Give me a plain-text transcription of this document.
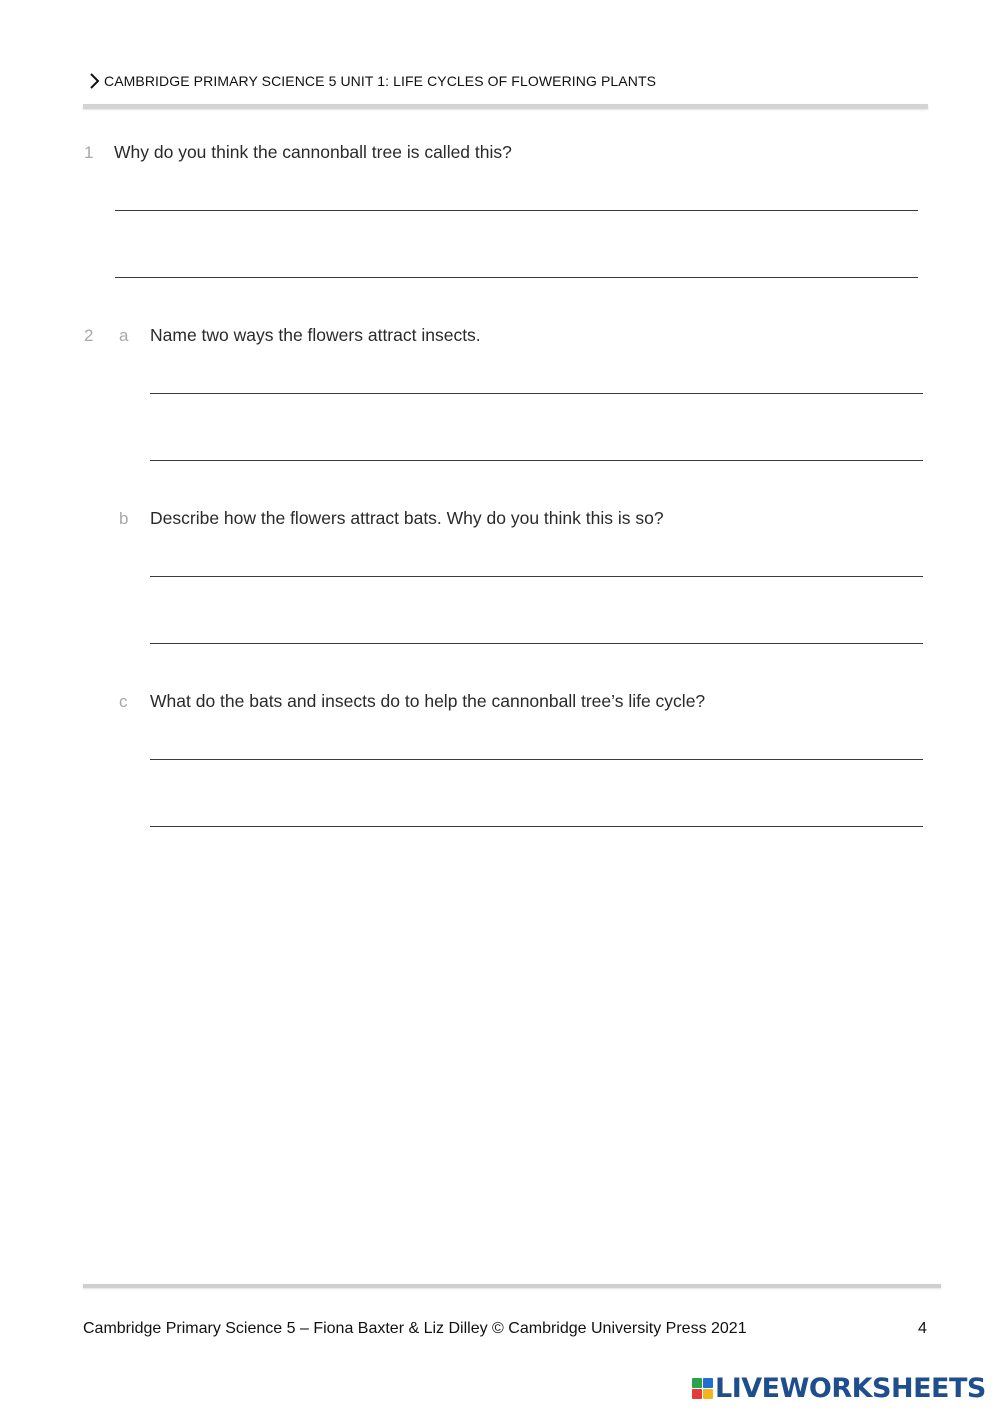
CAMBRIDGE PRIMARY SCIENCE 5 UNIT 1: LIFE CYCLES OF FLOWERING PLANTS
1 Why do you think the cannonball tree is called this?
2 a Name two ways the flowers attract insects.
b Describe how the flowers attract bats. Why do you think this is so?
c What do the bats and insects do to help the cannonball tree’s life cycle?
Cambridge Primary Science 5 – Fiona Baxter & Liz Dilley © Cambridge University Press 2021	4
LIVEWORKSHEETS
